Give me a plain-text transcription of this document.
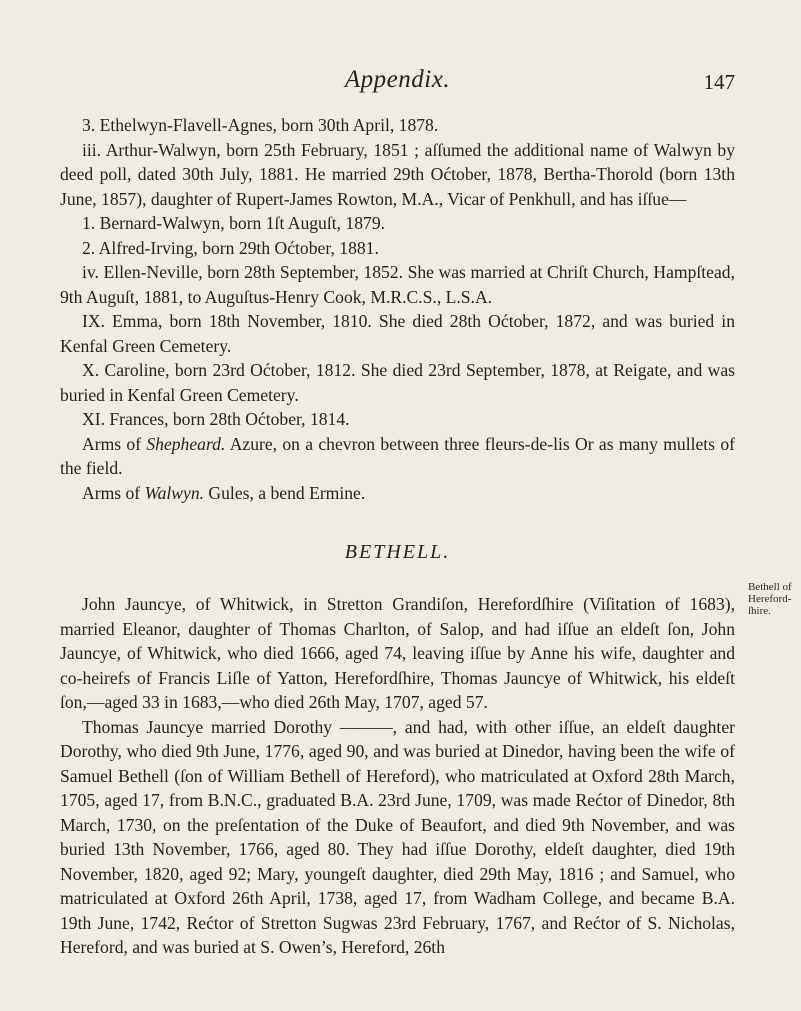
Appendix.	147

3. Ethelwyn-Flavell-Agnes, born 30th April, 1878.

iii. Arthur-Walwyn, born 25th February, 1851 ; aſſumed the additional name of Walwyn by deed poll, dated 30th July, 1881. He married 29th Oćtober, 1878, Bertha-Thorold (born 13th June, 1857), daughter of Rupert-James Rowton, M.A., Vicar of Penkhull, and has iſſue—

1. Bernard-Walwyn, born 1ſt Auguſt, 1879.

2. Alfred-Irving, born 29th Oćtober, 1881.

iv. Ellen-Neville, born 28th September, 1852. She was married at Chriſt Church, Hampſtead, 9th Auguſt, 1881, to Auguſtus-Henry Cook, M.R.C.S., L.S.A.

IX. Emma, born 18th November, 1810. She died 28th Oćtober, 1872, and was buried in Kenfal Green Cemetery.

X. Caroline, born 23rd Oćtober, 1812. She died 23rd September, 1878, at Reigate, and was buried in Kenfal Green Cemetery.

XI. Frances, born 28th Oćtober, 1814.

Arms of Shepheard. Azure, on a chevron between three fleurs-de-lis Or as many mullets of the field.

Arms of Walwyn. Gules, a bend Ermine.

BETHELL.

John Jauncye, of Whitwick, in Stretton Grandiſon, Herefordſhire (Viſitation of 1683), married Eleanor, daughter of Thomas Charlton, of Salop, and had iſſue an eldeſt ſon, John Jauncye, of Whitwick, who died 1666, aged 74, leaving iſſue by Anne his wife, daughter and co-heirefs of Francis Liſle of Yatton, Herefordſhire, Thomas Jauncye of Whitwick, his eldeſt ſon,—aged 33 in 1683,—who died 26th May, 1707, aged 57.

Thomas Jauncye married Dorothy ———, and had, with other iſſue, an eldeſt daughter Dorothy, who died 9th June, 1776, aged 90, and was buried at Dinedor, having been the wife of Samuel Bethell (ſon of William Bethell of Hereford), who matriculated at Oxford 28th March, 1705, aged 17, from B.N.C., graduated B.A. 23rd June, 1709, was made Rećtor of Dinedor, 8th March, 1730, on the preſentation of the Duke of Beaufort, and died 9th November, and was buried 13th November, 1766, aged 80. They had iſſue Dorothy, eldeſt daughter, died 19th November, 1820, aged 92; Mary, youngeſt daughter, died 29th May, 1816 ; and Samuel, who matriculated at Oxford 26th April, 1738, aged 17, from Wadham College, and became B.A. 19th June, 1742, Rećtor of Stretton Sugwas 23rd February, 1767, and Rećtor of S. Nicholas, Hereford, and was buried at S. Owen’s, Hereford, 26th

Bethell of Hereford-ſhire.
